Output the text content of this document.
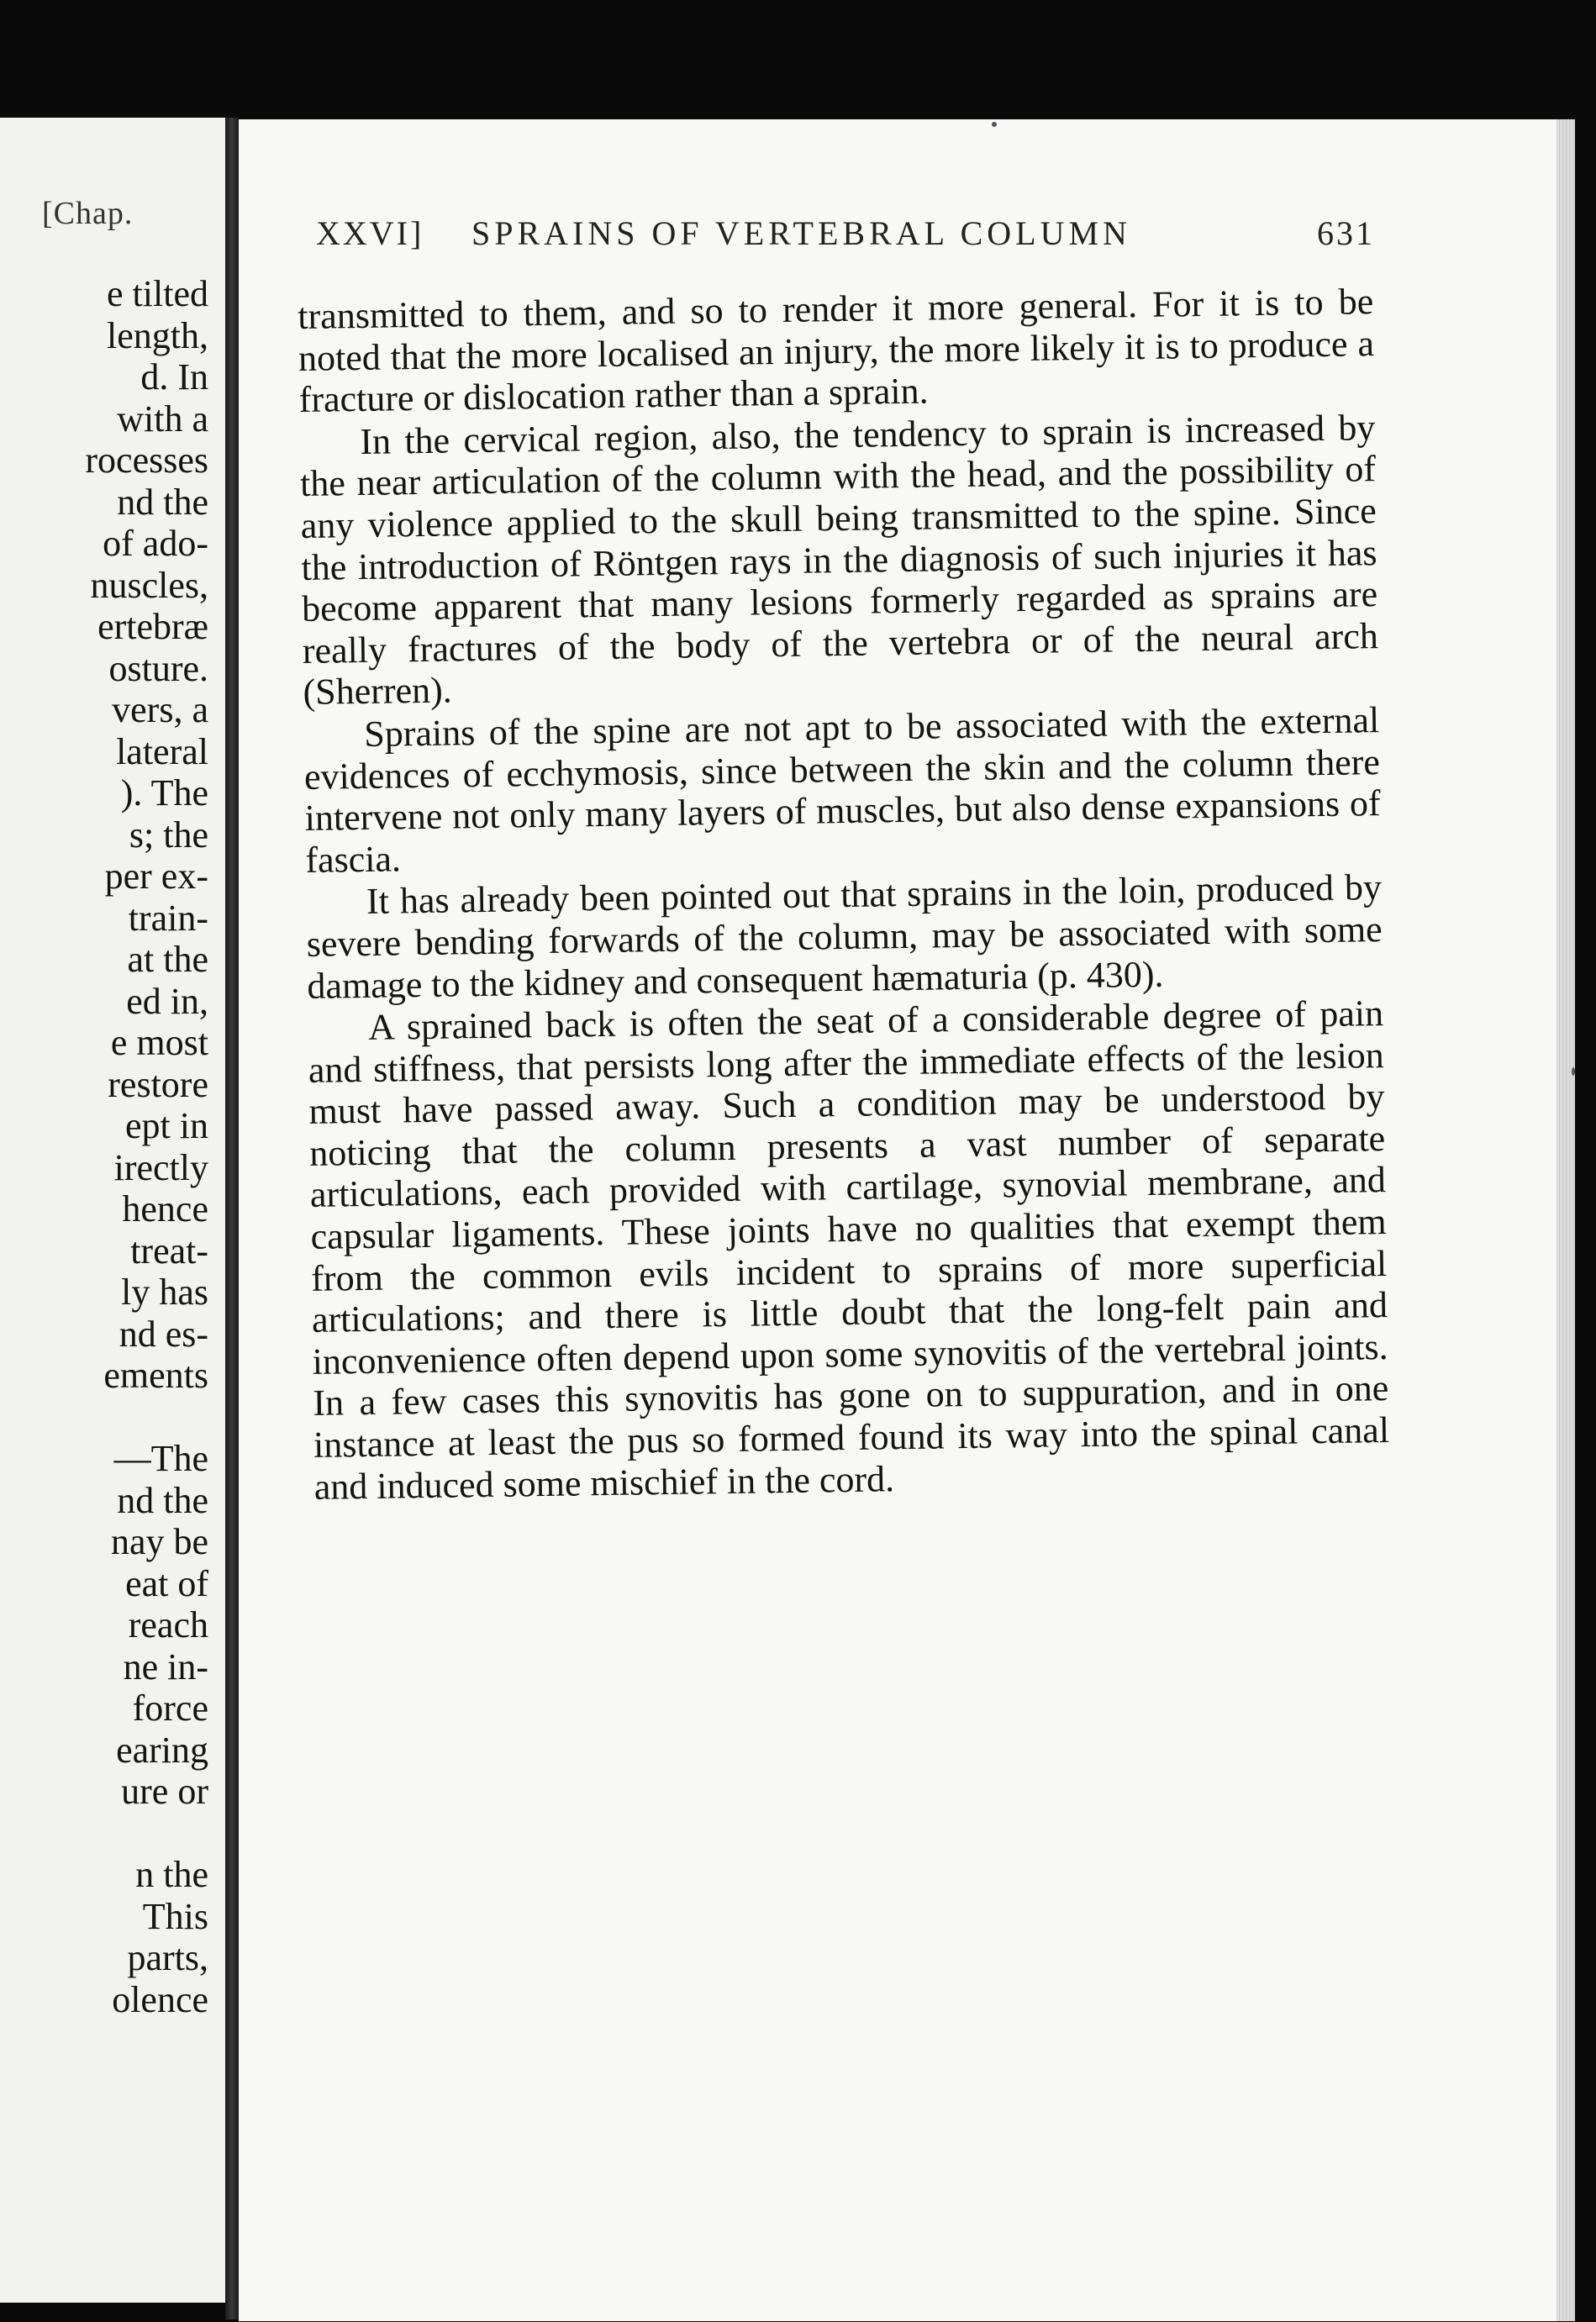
[Chap.
e tilted
length,
d. In
with a
rocesses
nd the
of ado-
nuscles,
ertebræ
osture.
vers, a
lateral
). The
s; the
per ex-
train-
at the
ed in,
e most
restore
ept in
irectly
hence
treat-
ly has
nd es-
ements
—The
nd the
nay be
eat of
reach
ne in-
force
earing
ure or
n the
This
parts,
olence
XXVI] SPRAINS OF VERTEBRAL COLUMN	631

transmitted to them, and so to render it more general. For it is to be noted that the more localised an injury, the more likely it is to produce a fracture or dislocation rather than a sprain.

In the cervical region, also, the tendency to sprain is increased by the near articulation of the column with the head, and the possibility of any violence applied to the skull being transmitted to the spine. Since the introduction of Röntgen rays in the diagnosis of such injuries it has become apparent that many lesions formerly regarded as sprains are really fractures of the body of the vertebra or of the neural arch (Sherren).

Sprains of the spine are not apt to be associated with the external evidences of ecchymosis, since between the skin and the column there intervene not only many layers of muscles, but also dense expansions of fascia.

It has already been pointed out that sprains in the loin, produced by severe bending forwards of the column, may be associated with some damage to the kidney and consequent hæmaturia (p. 430).

A sprained back is often the seat of a considerable degree of pain and stiffness, that persists long after the immediate effects of the lesion must have passed away. Such a condition may be understood by noticing that the column presents a vast number of separate articulations, each provided with cartilage, synovial membrane, and capsular ligaments. These joints have no qualities that exempt them from the common evils incident to sprains of more superficial articulations; and there is little doubt that the long-felt pain and inconvenience often depend upon some synovitis of the vertebral joints. In a few cases this synovitis has gone on to suppuration, and in one instance at least the pus so formed found its way into the spinal canal and induced some mischief in the cord.
